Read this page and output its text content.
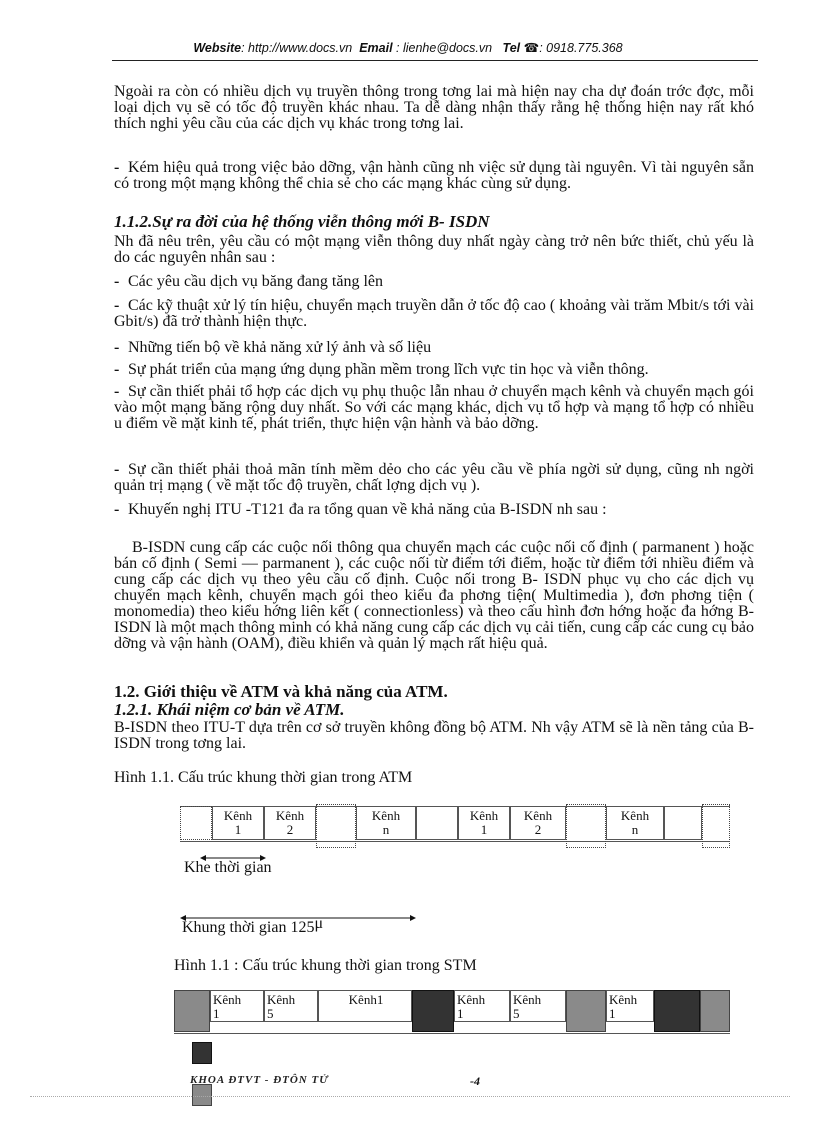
Website: http://www.docs.vn Email : lienhe@docs.vn Tel ☎: 0918.775.368
Ngoài ra còn có nhiều dịch vụ truyền thông trong tơng lai mà hiện nay cha dự đoán trớc đợc, mỗi loại dịch vụ sẽ có tốc độ truyền khác nhau. Ta dễ dàng nhận thấy rằng hệ thống hiện nay rất khó thích nghi yêu cầu của các dịch vụ khác trong tơng lai.
- Kém hiệu quả trong việc bảo dỡng, vận hành cũng nh việc sử dụng tài nguyên. Vì tài nguyên sẵn có trong một mạng không thể chia sẻ cho các mạng khác cùng sử dụng.
1.1.2.Sự ra đời của hệ thống viễn thông mới B- ISDN
Nh đã nêu trên, yêu cầu có một mạng viễn thông duy nhất ngày càng trở nên bức thiết, chủ yếu là do các nguyên nhân sau :
- Các yêu cầu dịch vụ băng đang tăng lên
- Các kỹ thuật xử lý tín hiệu, chuyển mạch truyền dẫn ở tốc độ cao ( khoảng vài trăm Mbit/s tới vài Gbit/s) đã trở thành hiện thực.
- Những tiến bộ về khả năng xử lý ảnh và số liệu
- Sự phát triển của mạng ứng dụng phần mềm trong lĩch vực tin học và viễn thông.
- Sự cần thiết phải tổ hợp các dịch vụ phụ thuộc lẫn nhau ở chuyển mạch kênh và chuyển mạch gói vào một mạng băng rộng duy nhất. So với các mạng khác, dịch vụ tổ hợp và mạng tổ hợp có nhiều u điểm về mặt kinh tế, phát triển, thực hiện vận hành và bảo dỡng.
- Sự cần thiết phải thoả mãn tính mềm dẻo cho các yêu cầu về phía ngời sử dụng, cũng nh ngời quản trị mạng ( về mặt tốc độ truyền, chất lợng dịch vụ ).
- Khuyến nghị ITU -T121 đa ra tổng quan về khả năng của B-ISDN nh sau :
B-ISDN cung cấp các cuộc nối thông qua chuyển mạch các cuộc nối cố định ( parmanent ) hoặc bán cố định ( Semi — parmanent ), các cuộc nối từ điểm tới điểm, hoặc từ điểm tới nhiều điểm và cung cấp các dịch vụ theo yêu cầu cố định. Cuộc nối trong B- ISDN phục vụ cho các dịch vụ chuyển mạch kênh, chuyển mạch gói theo kiểu đa phơng tiện( Multimedia ), đơn phơng tiện ( monomedia) theo kiểu hớng liên kết ( connectionless) và theo cấu hình đơn hớng hoặc đa hớng B- ISDN là một mạch thông minh có khả năng cung cấp các dịch vụ cải tiến, cung cấp các cung cụ bảo dỡng và vận hành (OAM), điều khiển và quản lý mạch rất hiệu quả.
1.2. Giới thiệu về ATM và khả năng của ATM.
1.2.1. Khái niệm cơ bản về ATM.
B-ISDN theo ITU-T dựa trên cơ sở truyền không đồng bộ ATM. Nh vậy ATM sẽ là nền tảng của B- ISDN trong tơng lai.
Hình 1.1. Cấu trúc khung thời gian trong ATM
Kênh
1
Kênh
2
Kênh
n
Kênh
1
Kênh
2
Kênh
n
Khe thời gian
Khung thời gian 125μ
Hình 1.1 : Cấu trúc khung thời gian trong STM
Kênh
1
Kênh
5
Kênh1	Kênh
1
Kênh
5
Kênh
1
KHOA ĐTVT - ĐTÔN TỬ	-4
